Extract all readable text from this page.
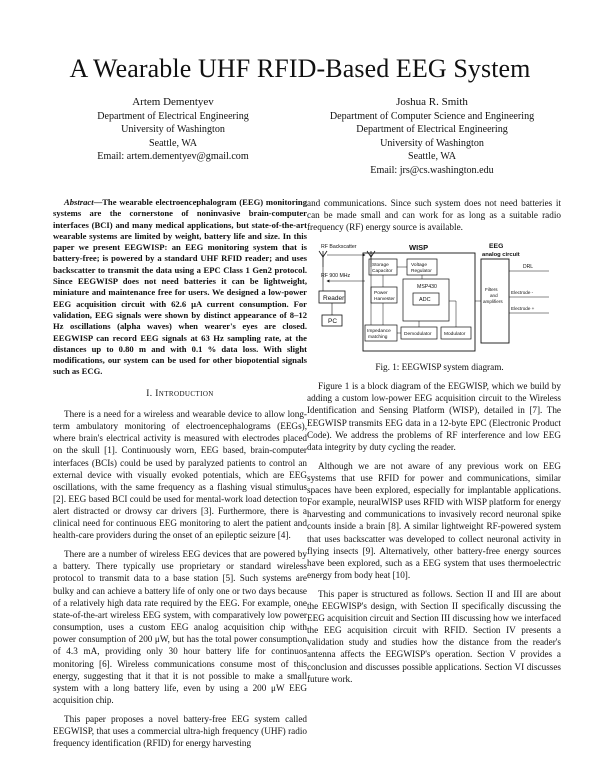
A Wearable UHF RFID-Based EEG System
Artem Dementyev
Department of Electrical Engineering
University of Washington
Seattle, WA
Email: artem.dementyev@gmail.com
Joshua R. Smith
Department of Computer Science and Engineering
Department of Electrical Engineering
University of Washington
Seattle, WA
Email: jrs@cs.washington.edu

Abstract—The wearable electroencephalogram (EEG) monitoring systems are the cornerstone of noninvasive brain-computer interfaces (BCI) and many medical applications, but state-of-the-art wearable systems are limited by weight, battery life and size. In this paper we present EEGWISP: an EEG monitoring system that is battery-free; is powered by a standard UHF RFID reader; and uses backscatter to transmit the data using a EPC Class 1 Gen2 protocol. Since EEGWISP does not need batteries it can be lightweight, miniature and maintenance free for users. We designed a low-power EEG acquisition circuit with 62.6 μA current consumption. For validation, EEG signals were shown by distinct appearance of 8–12 Hz oscillations (alpha waves) when wearer's eyes are closed. EEGWISP can record EEG signals at 63 Hz sampling rate, at the distances up to 0.80 m and with 0.1 % data loss. With slight modifications, our system can be used for other biopotential signals such as ECG.

I. Introduction

There is a need for a wireless and wearable device to allow long-term ambulatory monitoring of electroencephalograms (EEGs), where brain's electrical activity is measured with electrodes placed on the skull [1]. Continuously worn, EEG based, brain-computer interfaces (BCIs) could be used by paralyzed patients to control an external device with visually evoked potentials, which are EEG oscillations, with the same frequency as a flashing visual stimulus [2]. EEG based BCI could be used for mental-work load detection to alert distracted or drowsy car drivers [3]. Furthermore, there is a clinical need for continuous EEG monitoring to alert the patient and health-care providers during the onset of an epileptic seizure [4].

There are a number of wireless EEG devices that are powered by a battery. There typically use proprietary or standard wireless protocol to transmit data to a base station [5]. Such systems are bulky and can achieve a battery life of only one or two days because of a relatively high data rate required by the EEG. For example, one state-of-the-art wireless EEG system, with comparatively low power consumption, uses a custom EEG analog acquisition chip with power consumption of 200 μW, but has the total power consumption of 4.3 mA, providing only 30 hour battery life for continuos monitoring [6]. Wireless communications consume most of this energy, suggesting that it that it is not possible to make a small system with a long battery life, even by using a 200 μW EEG acquisition chip.

This paper proposes a novel battery-free EEG system called EEGWISP, that uses a commercial ultra-high frequency (UHF) radio frequency identification (RFID) for energy harvesting

and communications. Since such system does not need batteries it can be made small and can work for as long as a suitable radio frequency (RF) energy source is available.

RF Backscatter
RF 900 MHz
Reader
PC
WISP
Storage
Capacitor
Voltage
Regulator
MSP430
ADC
Power
Harvester
Impedance
matching
Demodulator	Modulator
EEG
analog circuit
Filters
and
amplifiers
DRL
Electrode -
Electrode +

Fig. 1: EEGWISP system diagram.

Figure 1 is a block diagram of the EEGWISP, which we build by adding a custom low-power EEG acquisition circuit to the Wireless Identification and Sensing Platform (WISP), detailed in [7]. The EEGWISP transmits EEG data in a 12-byte EPC (Electronic Product Code). We address the problems of RF interference and low EEG data integrity by duty cycling the reader.

Although we are not aware of any previous work on EEG systems that use RFID for power and communications, similar spaces have been explored, especially for implantable applications. For example, neuralWISP uses RFID with WISP platform for energy harvesting and communications to invasively record neuronal spike counts inside a brain [8]. A similar lightweight RF-powered system that uses backscatter was developed to collect neuronal activity in flying insects [9]. Alternatively, other battery-free energy sources have been explored, such as a EEG system that uses thermoelectric energy from body heat [10].

This paper is structured as follows. Section II and III are about the EEGWISP's design, with Section II specifically discussing the EEG acquisition circuit and Section III discussing how we interfaced the EEG acquisition circuit with RFID. Section IV presents a validation study and studies how the distance from the reader's antenna affects the EEGWISP's operation. Section V provides a conclusion and discusses possible applications. Section VI discusses future work.
